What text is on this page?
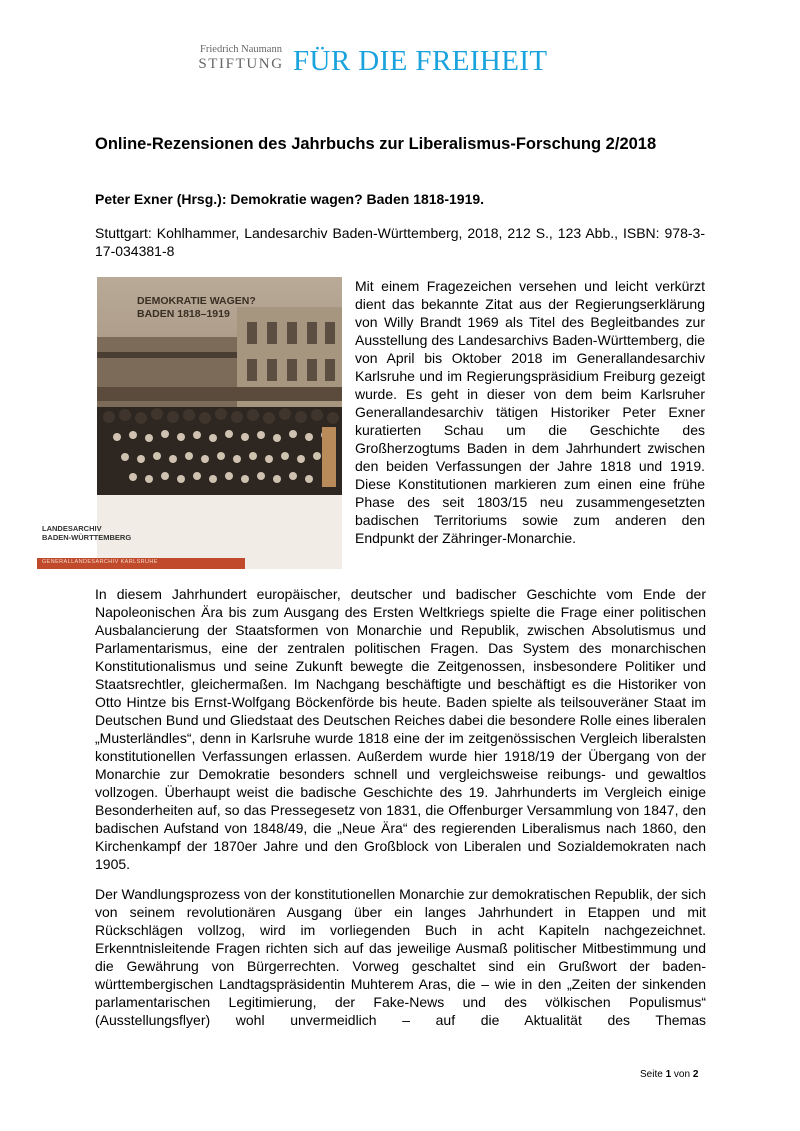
Friedrich Naumann
STIFTUNG FÜR DIE FREIHEIT
Online-Rezensionen des Jahrbuchs zur Liberalismus-Forschung 2/2018
Peter Exner (Hrsg.): Demokratie wagen? Baden 1818-1919.

Stuttgart: Kohlhammer, Landesarchiv Baden-Württemberg, 2018, 212 S., 123 Abb., ISBN: 978-3-17-034381-8

DEMOKRATIE WAGEN?
BADEN 1818–1919
LANDESARCHIV
BADEN-WÜRTTEMBERG
GENERALLANDESARCHIV KARLSRUHE

Mit einem Fragezeichen versehen und leicht verkürzt dient das bekannte Zitat aus der Regierungserklärung von Willy Brandt 1969 als Titel des Begleitbandes zur Ausstellung des Landesarchivs Baden-Württemberg, die von April bis Oktober 2018 im Generallandesarchiv Karlsruhe und im Regierungspräsidium Freiburg gezeigt wurde. Es geht in dieser von dem beim Karlsruher Generallandesarchiv tätigen Historiker Peter Exner kuratierten Schau um die Geschichte des Großherzogtums Baden in dem Jahrhundert zwischen den beiden Verfassungen der Jahre 1818 und 1919. Diese Konstitutionen markieren zum einen eine frühe Phase des seit 1803/15 neu zusammengesetzten badischen Territoriums sowie zum anderen den Endpunkt der Zähringer-Monarchie.

In diesem Jahrhundert europäischer, deutscher und badischer Geschichte vom Ende der Napoleonischen Ära bis zum Ausgang des Ersten Weltkriegs spielte die Frage einer politischen Ausbalancierung der Staatsformen von Monarchie und Republik, zwischen Absolutismus und Parlamentarismus, eine der zentralen politischen Fragen. Das System des monarchischen Konstitutionalismus und seine Zukunft bewegte die Zeitgenossen, insbesondere Politiker und Staatsrechtler, gleichermaßen. Im Nachgang beschäftigte und beschäftigt es die Historiker von Otto Hintze bis Ernst-Wolfgang Böckenförde bis heute. Baden spielte als teilsouveräner Staat im Deutschen Bund und Gliedstaat des Deutschen Reiches dabei die besondere Rolle eines liberalen „Musterländles“, denn in Karlsruhe wurde 1818 eine der im zeitgenössischen Vergleich liberalsten konstitutionellen Verfassungen erlassen. Außerdem wurde hier 1918/19 der Übergang von der Monarchie zur Demokratie besonders schnell und vergleichsweise reibungs- und gewaltlos vollzogen. Überhaupt weist die badische Geschichte des 19. Jahrhunderts im Vergleich einige Besonderheiten auf, so das Pressegesetz von 1831, die Offenburger Versammlung von 1847, den badischen Aufstand von 1848/49, die „Neue Ära“ des regierenden Liberalismus nach 1860, den Kirchenkampf der 1870er Jahre und den Großblock von Liberalen und Sozialdemokraten nach 1905.

Der Wandlungsprozess von der konstitutionellen Monarchie zur demokratischen Republik, der sich von seinem revolutionären Ausgang über ein langes Jahrhundert in Etappen und mit Rückschlägen vollzog, wird im vorliegenden Buch in acht Kapiteln nachgezeichnet. Erkenntnisleitende Fragen richten sich auf das jeweilige Ausmaß politischer Mitbestimmung und die Gewährung von Bürgerrechten. Vorweg geschaltet sind ein Grußwort der baden-württembergischen Landtagspräsidentin Muhterem Aras, die – wie in den „Zeiten der sinkenden parlamentarischen Legitimierung, der Fake-News und des völkischen Populismus“ (Ausstellungsflyer) wohl unvermeidlich – auf die Aktualität des Themas

Seite 1 von 2
